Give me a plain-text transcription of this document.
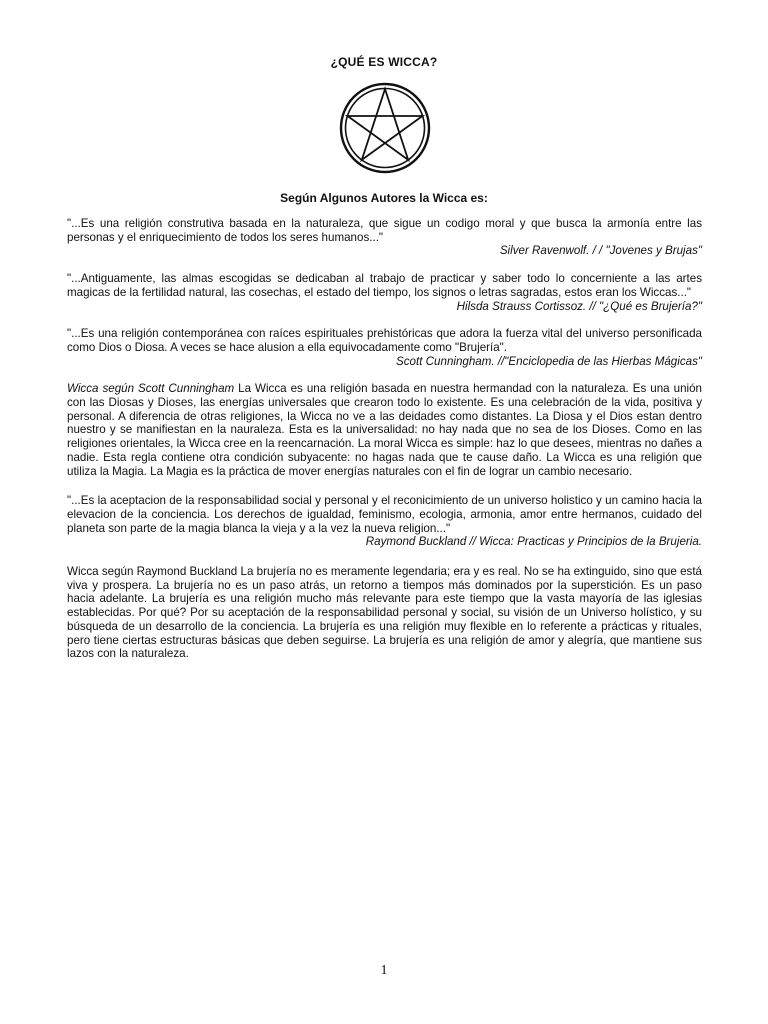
¿QUÉ ES WICCA?
Según Algunos Autores la Wicca es:

"...Es una religión construtiva basada en la naturaleza, que sigue un codigo moral y que busca la armonía entre las personas y el enriquecimiento de todos los seres humanos..."

Silver Ravenwolf. / / "Jovenes y Brujas"

"...Antiguamente, las almas escogidas se dedicaban al trabajo de practicar y saber todo lo concerniente a las artes magicas de la fertilidad natural, las cosechas, el estado del tiempo, los signos o letras sagradas, estos eran los Wiccas..."

Hilsda Strauss Cortissoz. // "¿Qué es Brujería?"

"...Es una religión contemporánea con raíces espirituales prehistóricas que adora la fuerza vital del universo personificada como Dios o Diosa. A veces se hace alusion a ella equivocadamente como "Brujería".

Scott Cunningham. //"Enciclopedia de las Hierbas Mágicas"

Wicca según Scott Cunningham La Wicca es una religión basada en nuestra hermandad con la naturaleza. Es una unión con las Diosas y Dioses, las energías universales que crearon todo lo existente. Es una celebración de la vida, positiva y personal. A diferencia de otras religiones, la Wicca no ve a las deidades como distantes. La Diosa y el Dios estan dentro nuestro y se manifiestan en la nauraleza. Esta es la universalidad: no hay nada que no sea de los Dioses. Como en las religiones orientales, la Wicca cree en la reencarnación. La moral Wicca es simple: haz lo que desees, mientras no dañes a nadie. Esta regla contiene otra condición subyacente: no hagas nada que te cause daño. La Wicca es una religión que utiliza la Magia. La Magia es la práctica de mover energías naturales con el fin de lograr un cambio necesario.

"...Es la aceptacion de la responsabilidad social y personal y el reconicimiento de un universo holistico y un camino hacia la elevacion de la conciencia. Los derechos de igualdad, feminismo, ecologia, armonia, amor entre hermanos, cuidado del planeta son parte de la magia blanca la vieja y a la vez la nueva religion..."

Raymond Buckland // Wicca: Practicas y Principios de la Brujeria.

Wicca según Raymond Buckland La brujería no es meramente legendaria; era y es real. No se ha extinguido, sino que está viva y prospera. La brujería no es un paso atrás, un retorno a tiempos más dominados por la superstición. Es un paso hacia adelante. La brujería es una religión mucho más relevante para este tiempo que la vasta mayoría de las iglesias establecidas. Por qué? Por su aceptación de la responsabilidad personal y social, su visión de un Universo holístico, y su búsqueda de un desarrollo de la conciencia. La brujería es una religión muy flexible en lo referente a prácticas y rituales, pero tiene ciertas estructuras básicas que deben seguirse. La brujería es una religión de amor y alegría, que mantiene sus lazos con la naturaleza.

1
